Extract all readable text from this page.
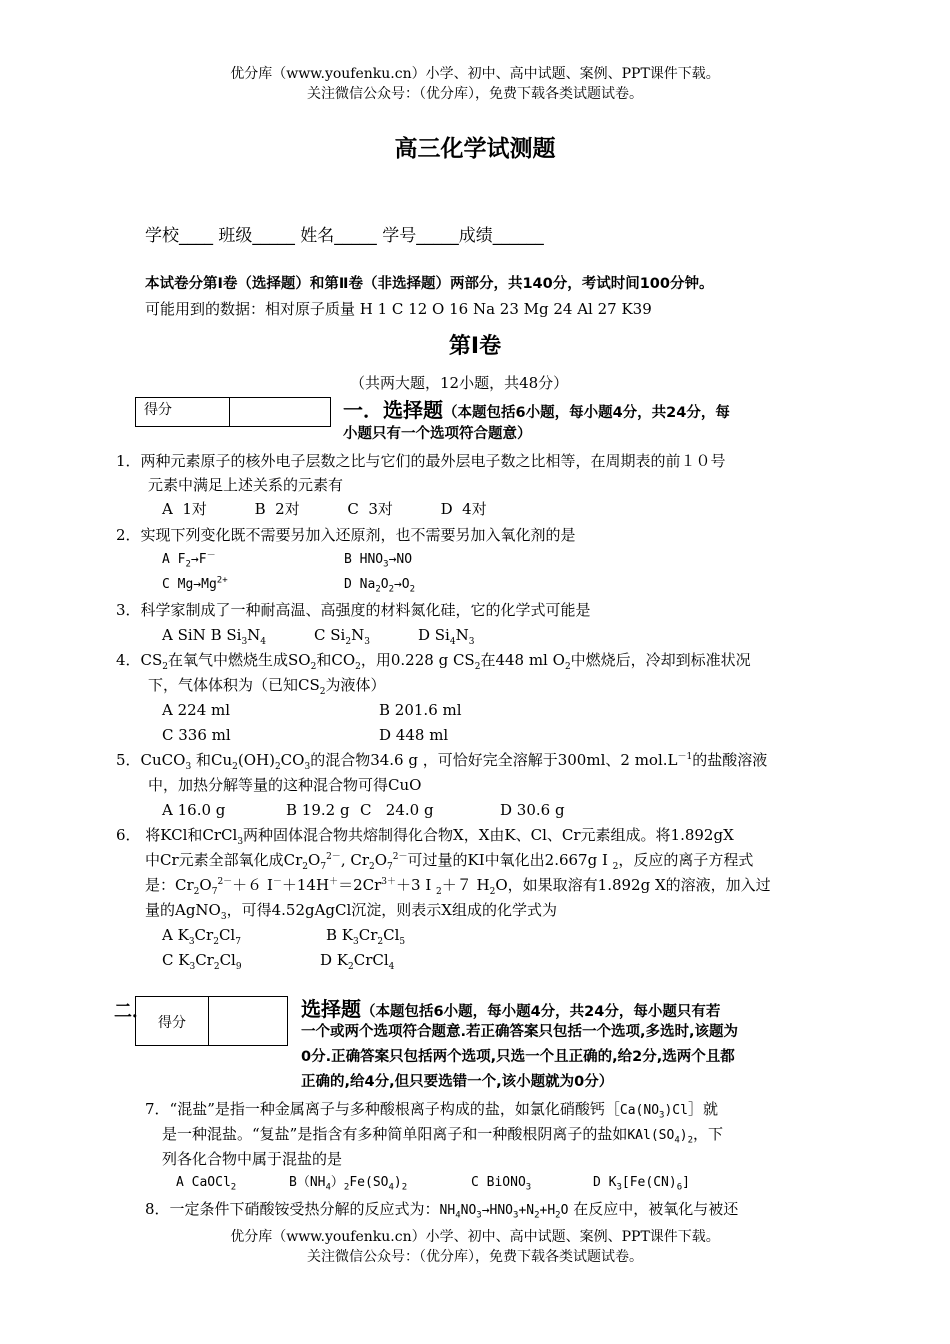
优分库（www.youfenku.cn）小学、初中、高中试题、案例、PPT课件下载。
关注微信公众号：（优分库），免费下载各类试题试卷。
高三化学试测题
学校____ 班级_____ 姓名_____ 学号_____成绩______
本试卷分第Ⅰ卷（选择题）和第Ⅱ卷（非选择题）两部分，共140分，考试时间100分钟。
可能用到的数据：相对原子质量 H 1 C 12 O 16 Na 23 Mg 24 Al 27 K39
第Ⅰ卷
（共两大题，12小题，共48分）
得分	一．选择题（本题包括6小题，每小题4分，共24分，每
小题只有一个选项符合题意）
1．两种元素原子的核外电子层数之比与它们的最外层电子数之比相等，在周期表的前１０号
元素中满足上述关系的元素有
A  1对          B  2对          C  3对          D  4对
2．实现下列变化既不需要另加入还原剂，也不需要另加入氧化剂的是
A $F_2\to F^-$	B $HNO_3\to NO$
C $Mg\to Mg^{2+}$	D $Na_2O_2\to O_2$
3．科学家制成了一种耐高温、高强度的材料氮化硅，它的化学式可能是
A SiN B $Si_3N_4$	C $Si_2N_3$	D $Si_4N_3$
4．$CS_2$在氧气中燃烧生成$SO_2$和$CO_2$，用0.228 g $CS_2$在448 ml $O_2$中燃烧后，冷却到标准状况
下，气体体积为（已知$CS_2$为液体）
A 224 ml	B 201.6 ml
C 336 ml	D 448 ml
5．CuCO$_3$ 和$Cu_2(OH)_2CO_3$的混合物34.6 g ，可恰好完全溶解于300ml、2 $mol.L^{-1}$的盐酸溶液
中，加热分解等量的这种混合物可得CuO
A 16.0 g	B 19.2 g C   24.0 g	D 30.6 g
6． 将KCl和CrCl$_3$两种固体混合物共熔制得化合物X，X由K、Cl、Cr元素组成。将1.892gX
中Cr元素全部氧化成$Cr_2O_7^{2-}$, $Cr_2O_7^{2-}$可过量的KI中氧化出2.667g I $_2$，反应的离子方程式
是：$Cr_2O_7^{2-}+6$ $I^-+14H^+=2Cr^{3+}+3$ I $_2$＋７ $H_2O$，如果取溶有1.892g X的溶液，加入过
量的AgNO$_3$，可得4.52gAgCl沉淀，则表示X组成的化学式为
A $K_3Cr_2Cl_7$	B $K_3Cr_2Cl_5$
C $K_3Cr_2Cl_9$	D $K_2CrCl_4$
二．
得分
选择题（本题包括6小题，每小题4分，共24分，每小题只有若
一个或两个选项符合题意.若正确答案只包括一个选项,多选时,该题为
0分.正确答案只包括两个选项,只选一个且正确的,给2分,选两个且都
正确的,给4分,但只要选错一个,该小题就为0分）
7．“混盐”是指一种金属离子与多种酸根离子构成的盐，如氯化硝酸钙$[Ca(NO_3)Cl]$就
是一种混盐。“复盐”是指含有多种简单阳离子和一种酸根阴离子的盐如$KAl(SO_4)_2$，下
列各化合物中属于混盐的是
A CaOCl$_2$	$B(NH_4)_2Fe(SO_4)_2$	C BiONO$_3$	D $K_3[Fe(CN)_6]$
8．一定条件下硝酸铵受热分解的反应式为：$NH_4NO_3\to HNO_3+N_2+H_2O$ 在反应中，被氧化与被还
优分库（www.youfenku.cn）小学、初中、高中试题、案例、PPT课件下载。
关注微信公众号：（优分库），免费下载各类试题试卷。
